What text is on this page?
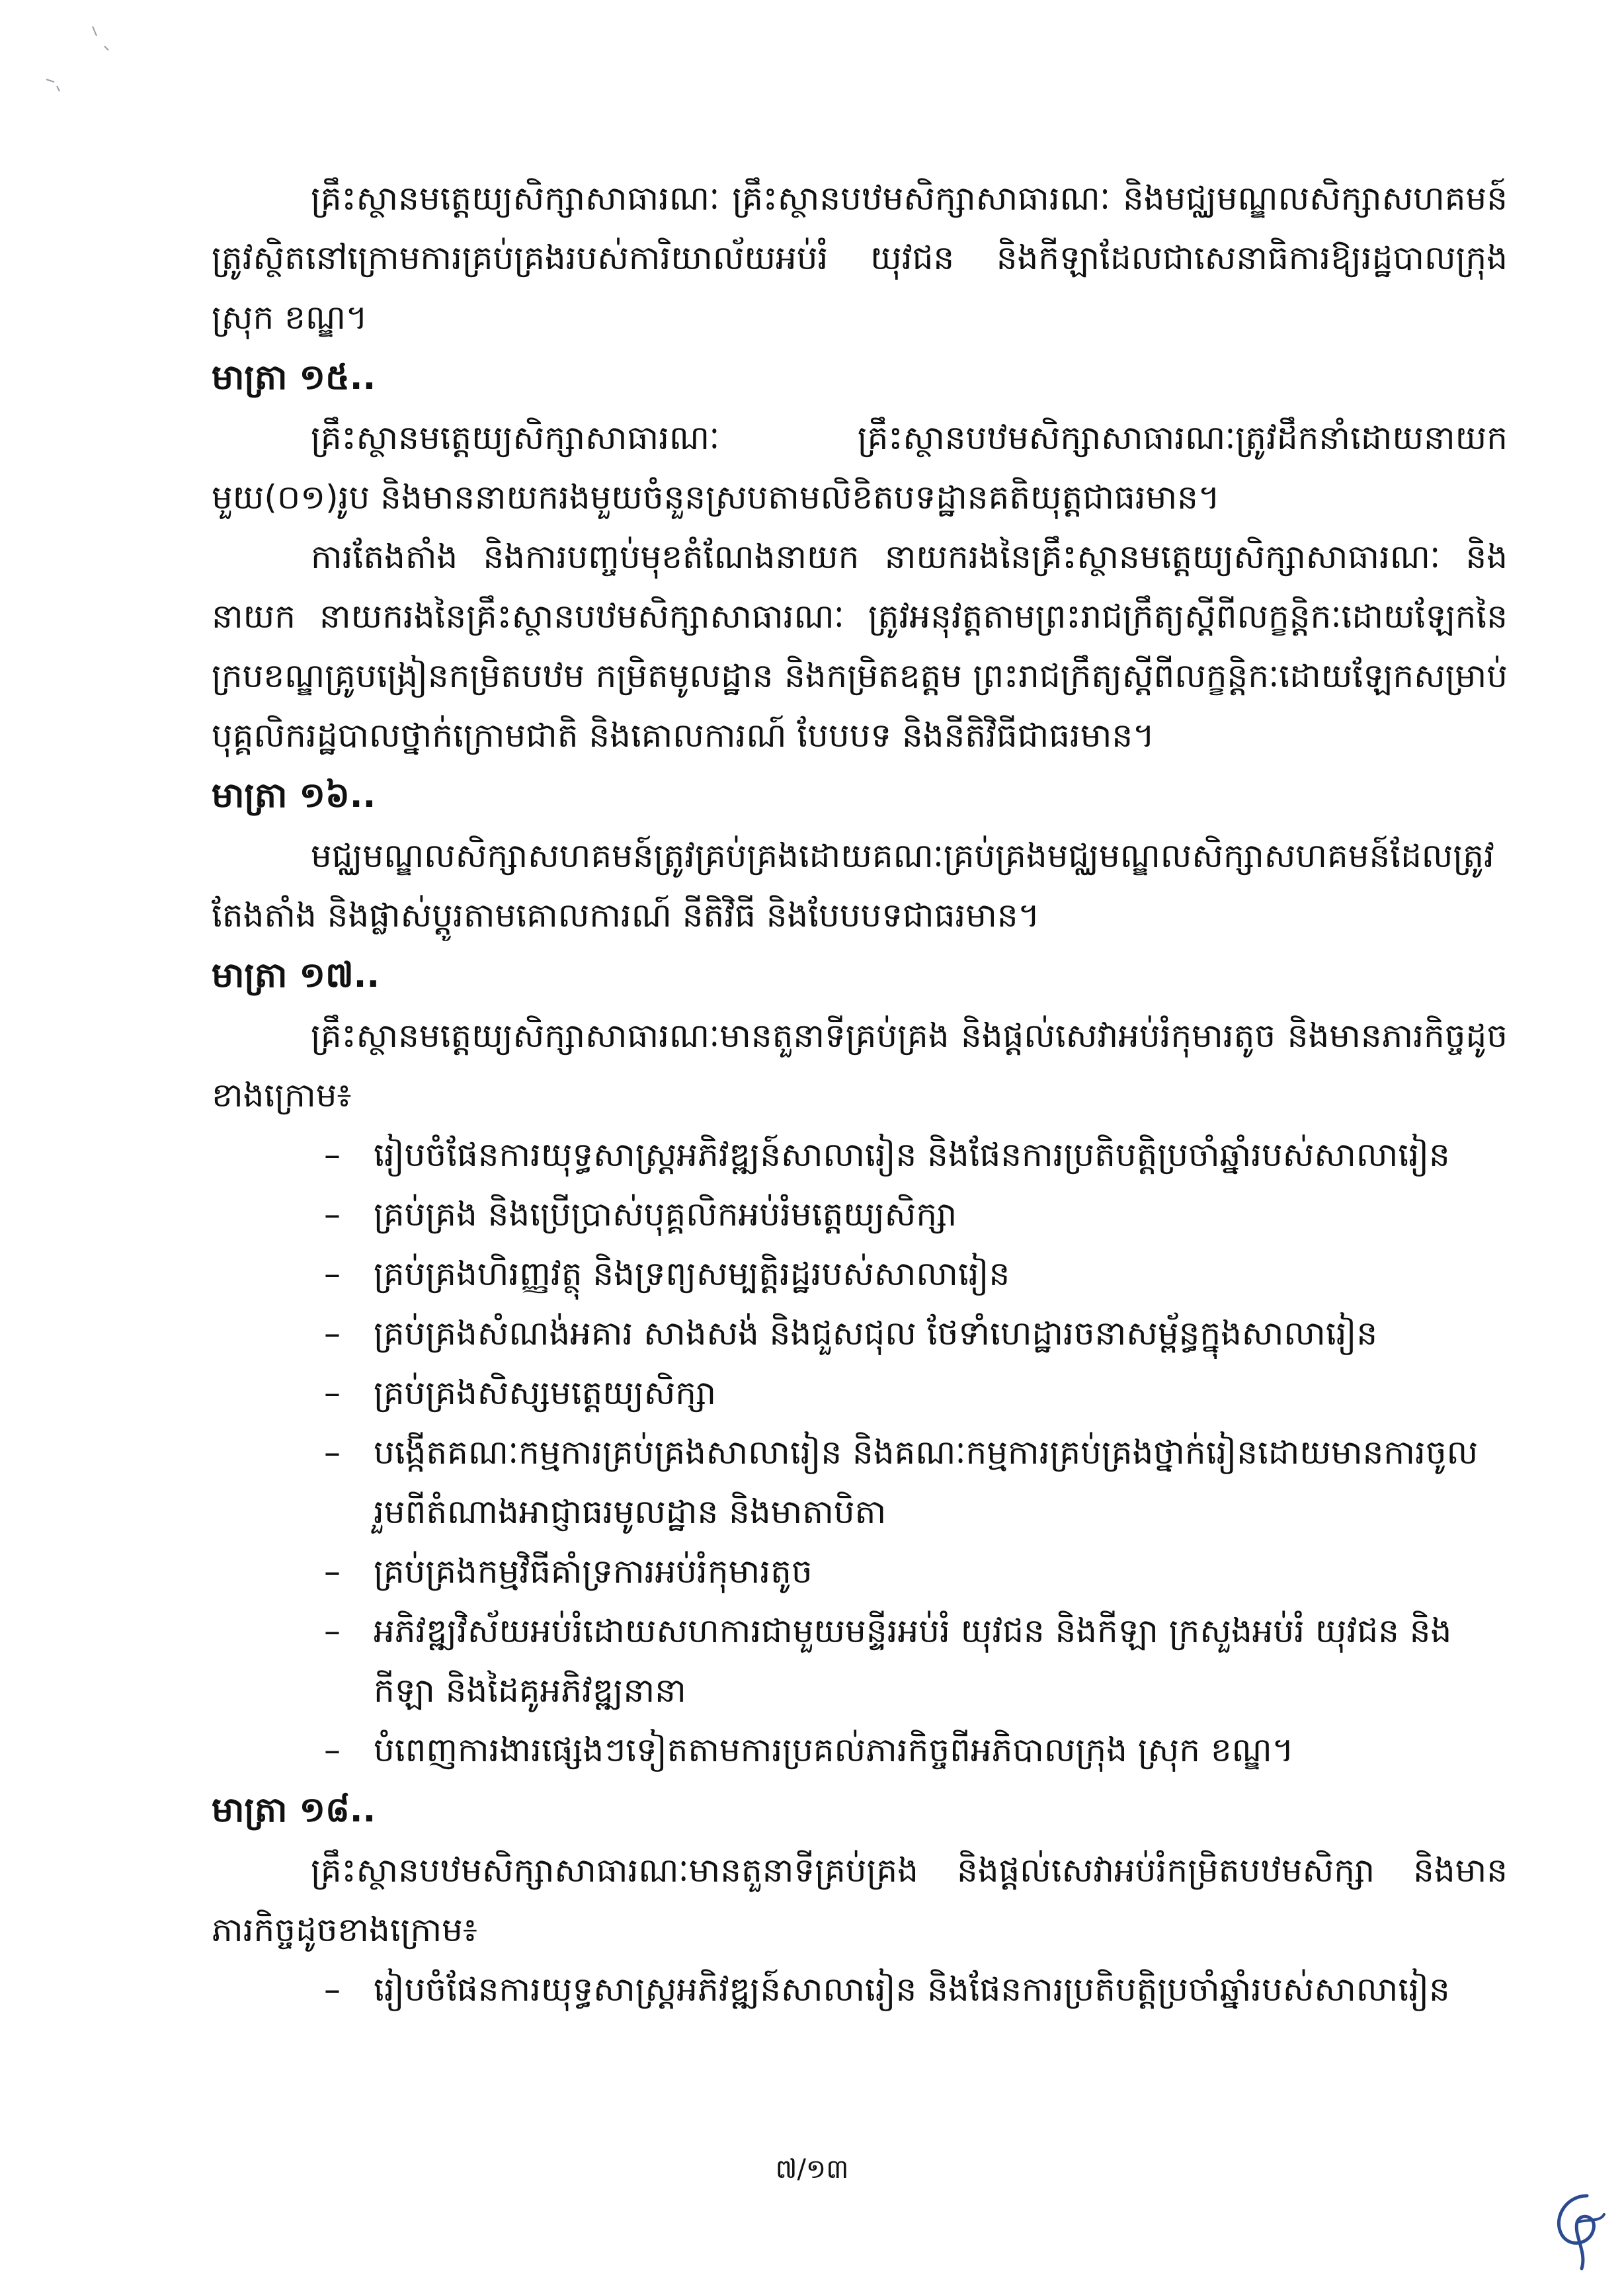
គ្រឹះស្ថានមត្តេយ្យសិក្សាសាធារណៈ គ្រឹះស្ថានបឋមសិក្សាសាធារណៈ និងមជ្ឈមណ្ឌលសិក្សាសហគមន៍ត្រូវស្ថិតនៅក្រោមការគ្រប់គ្រងរបស់ការិយាល័យអប់រំ យុវជន និងកីឡាដែលជាសេនាធិការឱ្យរដ្ឋបាលក្រុង ស្រុក ខណ្ឌ។

មាត្រា ១៥..

គ្រឹះស្ថានមត្តេយ្យសិក្សាសាធារណៈ គ្រឹះស្ថានបឋមសិក្សាសាធារណៈត្រូវដឹកនាំដោយនាយកមួយ(០១)រូប និងមាននាយករងមួយចំនួនស្របតាមលិខិតបទដ្ឋានគតិយុត្តជាធរមាន។

ការតែងតាំង និងការបញ្ចប់មុខតំណែងនាយក នាយករងនៃគ្រឹះស្ថានមត្តេយ្យសិក្សាសាធារណៈ និងនាយក នាយករងនៃគ្រឹះស្ថានបឋមសិក្សាសាធារណៈ ត្រូវអនុវត្តតាមព្រះរាជក្រឹត្យស្តីពីលក្ខន្តិកៈដោយឡែកនៃក្របខណ្ឌគ្រូបង្រៀនកម្រិតបឋម កម្រិតមូលដ្ឋាន និងកម្រិតឧត្តម ព្រះរាជក្រឹត្យស្តីពីលក្ខន្តិកៈដោយឡែកសម្រាប់បុគ្គលិករដ្ឋបាលថ្នាក់ក្រោមជាតិ និងគោលការណ៍ បែបបទ និងនីតិវិធីជាធរមាន។

មាត្រា ១៦..

មជ្ឈមណ្ឌលសិក្សាសហគមន៍ត្រូវគ្រប់គ្រងដោយគណៈគ្រប់គ្រងមជ្ឈមណ្ឌលសិក្សាសហគមន៍ដែលត្រូវតែងតាំង និងផ្លាស់ប្តូរតាមគោលការណ៍ នីតិវិធី និងបែបបទជាធរមាន។

មាត្រា ១៧..

គ្រឹះស្ថានមត្តេយ្យសិក្សាសាធារណៈមានតួនាទីគ្រប់គ្រង និងផ្តល់សេវាអប់រំកុមារតូច និងមានភារកិច្ចដូចខាងក្រោម៖

– រៀបចំផែនការយុទ្ធសាស្ត្រអភិវឌ្ឍន៍សាលារៀន និងផែនការប្រតិបត្តិប្រចាំឆ្នាំរបស់សាលារៀន
– គ្រប់គ្រង និងប្រើប្រាស់បុគ្គលិកអប់រំមត្តេយ្យសិក្សា
– គ្រប់គ្រងហិរញ្ញវត្ថុ និងទ្រព្យសម្បត្តិរដ្ឋរបស់សាលារៀន
– គ្រប់គ្រងសំណង់អគារ សាងសង់ និងជួសជុល ថែទាំហេដ្ឋារចនាសម្ព័ន្ធក្នុងសាលារៀន
– គ្រប់គ្រងសិស្សមត្តេយ្យសិក្សា
– បង្កើតគណៈកម្មការគ្រប់គ្រងសាលារៀន និងគណៈកម្មការគ្រប់គ្រងថ្នាក់រៀនដោយមានការចូលរួមពីតំណាងអាជ្ញាធរមូលដ្ឋាន និងមាតាបិតា
– គ្រប់គ្រងកម្មវិធីគាំទ្រការអប់រំកុមារតូច
– អភិវឌ្ឍវិស័យអប់រំដោយសហការជាមួយមន្ទីរអប់រំ យុវជន និងកីឡា ក្រសួងអប់រំ យុវជន និងកីឡា និងដៃគូអភិវឌ្ឍនានា
– បំពេញការងារផ្សេងៗទៀតតាមការប្រគល់ភារកិច្ចពីអភិបាលក្រុង ស្រុក ខណ្ឌ។
មាត្រា ១៨..

គ្រឹះស្ថានបឋមសិក្សាសាធារណៈមានតួនាទីគ្រប់គ្រង និងផ្តល់សេវាអប់រំកម្រិតបឋមសិក្សា និងមានភារកិច្ចដូចខាងក្រោម៖

– រៀបចំផែនការយុទ្ធសាស្ត្រអភិវឌ្ឍន៍សាលារៀន និងផែនការប្រតិបត្តិប្រចាំឆ្នាំរបស់សាលារៀន
៧/១៣
